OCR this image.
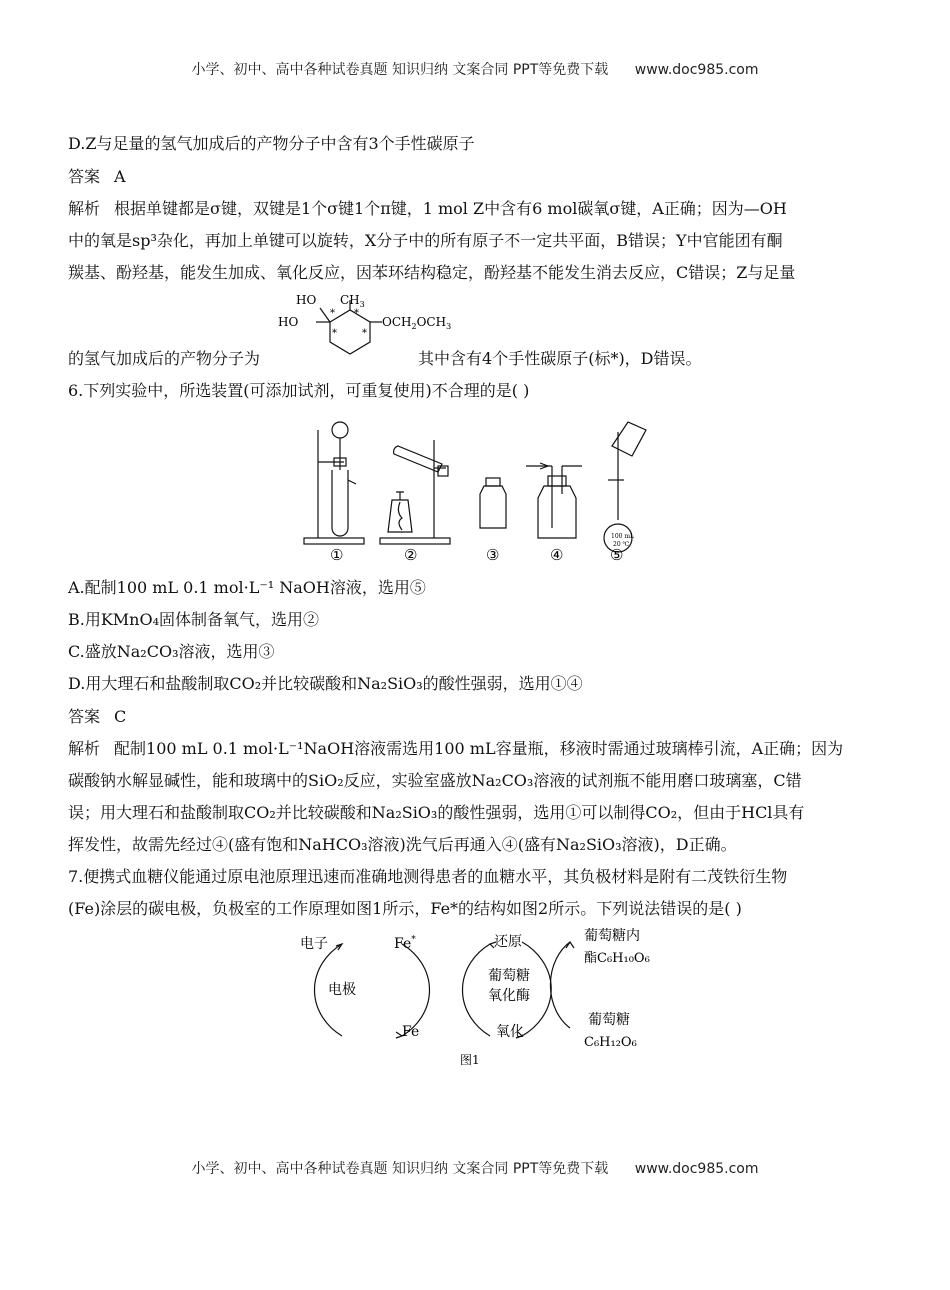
小学、初中、高中各种试卷真题 知识归纳 文案合同 PPT等免费下载 www.doc985.com
D.Z与足量的氢气加成后的产物分子中含有3个手性碳原子
答案 A
解析 根据单键都是σ键，双键是1个σ键1个π键，1 mol Z中含有6 mol碳氧σ键，A正确；因为—OH
中的氧是sp³杂化，再加上单键可以旋转，X分子中的所有原子不一定共平面，B错误；Y中官能团有酮
羰基、酚羟基，能发生加成、氧化反应，因苯环结构稳定，酚羟基不能发生消去反应，C错误；Z与足量
HO $CH_3$
HO	$OCH_2OCH_3$
* *
*	*
的氢气加成后的产物分子为	其中含有4个手性碳原子(标*)，D错误。
6.下列实验中，所选装置(可添加试剂，可重复使用)不合理的是( )
100 mL
20 ℃
①	②	③	④	⑤
A.配制100 mL 0.1 mol·L⁻¹ NaOH溶液，选用⑤
B.用KMnO₄固体制备氧气，选用②
C.盛放Na₂CO₃溶液，选用③
D.用大理石和盐酸制取CO₂并比较碳酸和Na₂SiO₃的酸性强弱，选用①④
答案 C
解析 配制100 mL 0.1 mol·L⁻¹NaOH溶液需选用100 mL容量瓶，移液时需通过玻璃棒引流，A正确；因为
碳酸钠水解显碱性，能和玻璃中的SiO₂反应，实验室盛放Na₂CO₃溶液的试剂瓶不能用磨口玻璃塞，C错
误；用大理石和盐酸制取CO₂并比较碳酸和Na₂SiO₃的酸性强弱，选用①可以制得CO₂，但由于HCl具有
挥发性，故需先经过④(盛有饱和NaHCO₃溶液)洗气后再通入④(盛有Na₂SiO₃溶液)，D正确。
7.便携式血糖仪能通过原电池原理迅速而准确地测得患者的血糖水平，其负极材料是附有二茂铁衍生物
(Fe)涂层的碳电极，负极室的工作原理如图1所示，Fe*的结构如图2所示。下列说法错误的是( )
电子	Fe*
电极
Fe
还原
葡萄糖
氧化酶
氧化
葡萄糖内
酯C₆H₁₀O₆
葡萄糖
C₆H₁₂O₆
图1
小学、初中、高中各种试卷真题 知识归纳 文案合同 PPT等免费下载 www.doc985.com
